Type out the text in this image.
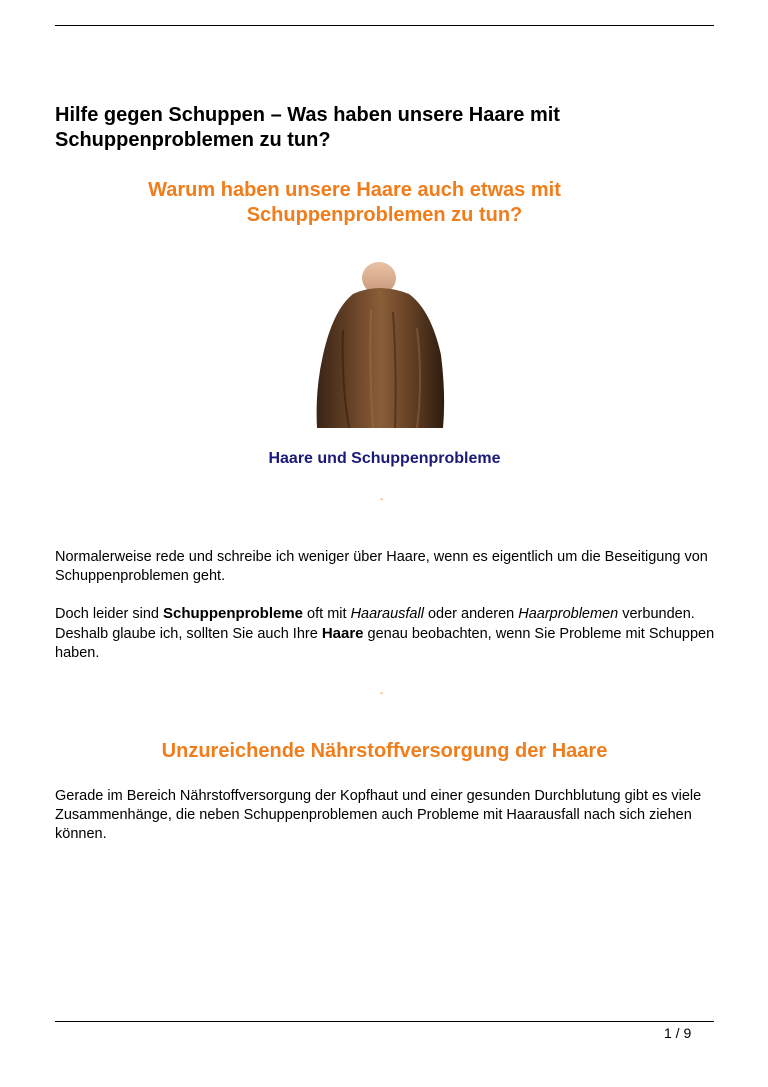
Hilfe gegen Schuppen – Was haben unsere Haare mit Schuppenproblemen zu tun?
Warum haben unsere Haare auch etwas mit
Schuppenproblemen zu tun?
Haare und Schuppenprobleme
-

Normalerweise rede und schreibe ich weniger über Haare, wenn es eigentlich um die Beseitigung von Schuppenproblemen geht.

Doch leider sind Schuppenprobleme oft mit Haarausfall oder anderen Haarproblemen verbunden. Deshalb glaube ich, sollten Sie auch Ihre Haare genau beobachten, wenn Sie Probleme mit Schuppen haben.

-
Unzureichende Nährstoffversorgung der Haare

Gerade im Bereich Nährstoffversorgung der Kopfhaut und einer gesunden Durchblutung gibt es viele Zusammenhänge, die neben Schuppenproblemen auch Probleme mit Haarausfall nach sich ziehen können.

1 / 9
